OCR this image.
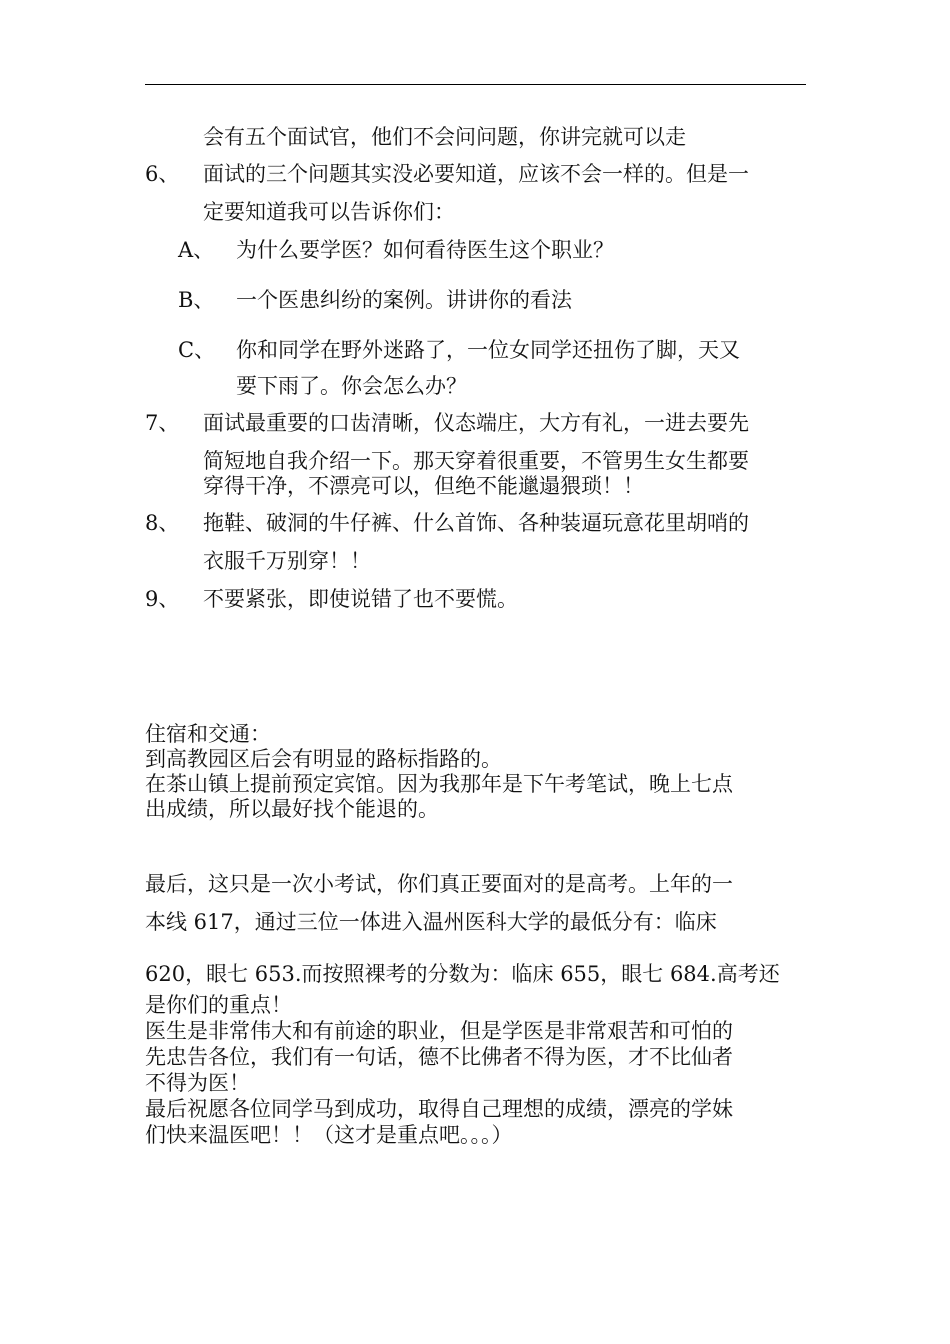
会有五个面试官，他们不会问问题，你讲完就可以走
6、 面试的三个问题其实没必要知道，应该不会一样的。但是一
定要知道我可以告诉你们：
A、 为什么要学医？如何看待医生这个职业？
B、 一个医患纠纷的案例。讲讲你的看法
C、 你和同学在野外迷路了，一位女同学还扭伤了脚，天又
要下雨了。你会怎么办？
7、 面试最重要的口齿清晰，仪态端庄，大方有礼，一进去要先
简短地自我介绍一下。那天穿着很重要，不管男生女生都要
穿得干净，不漂亮可以，但绝不能邋遢猥琐！！
8、 拖鞋、破洞的牛仔裤、什么首饰、各种装逼玩意花里胡哨的
衣服千万别穿！！
9、 不要紧张，即使说错了也不要慌。
住宿和交通：
到高教园区后会有明显的路标指路的。
在茶山镇上提前预定宾馆。因为我那年是下午考笔试，晚上七点
出成绩，所以最好找个能退的。
最后，这只是一次小考试，你们真正要面对的是高考。上年的一
本线 617，通过三位一体进入温州医科大学的最低分有：临床
620，眼七 653.而按照裸考的分数为：临床 655，眼七 684.高考还
是你们的重点！
医生是非常伟大和有前途的职业，但是学医是非常艰苦和可怕的
先忠告各位，我们有一句话，德不比佛者不得为医，才不比仙者
不得为医！
最后祝愿各位同学马到成功，取得自己理想的成绩，漂亮的学妹
们快来温医吧！！（这才是重点吧。。。）
